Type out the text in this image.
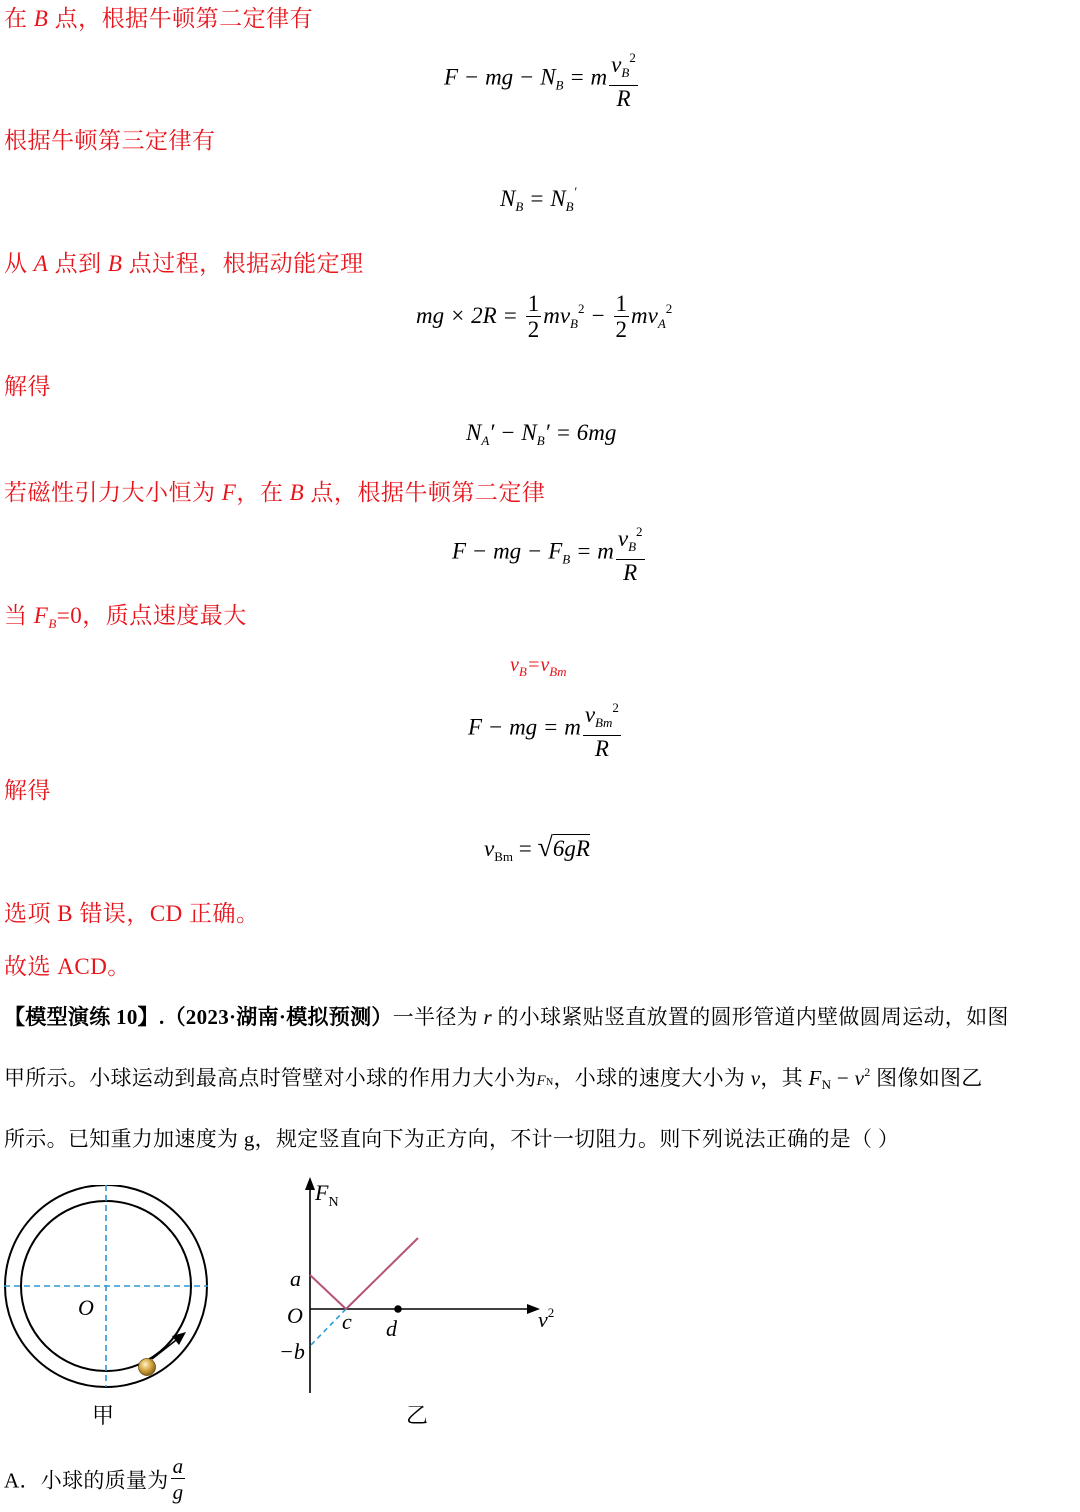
在 B 点，根据牛顿第二定律有
F − mg − $N_B = m \frac{v_B^2}{R}$
根据牛顿第三定律有
$N_B = N_B'$
从 A 点到 B 点过程，根据动能定理
mg × $2R = \frac{1}{2} mv_B^2 - \frac{1}{2} mv_A^2$
解得
$N_A' - N_B' = 6mg$
若磁性引力大小恒为 F，在 B 点，根据牛顿第二定律
F − mg − $F_B = m \frac{v_B^2}{R}$
当 $F_B=0$，质点速度最大
$v_B=v_{Bm}$
F − mg = m $\frac{v_{Bm}^2}{R}$
解得
$v_{Bm} = √6gR$
选项 B 错误，CD 正确。
故选 ACD。
【模型演练 10】.（2023·湖南·模拟预测）一半径为 r 的小球紧贴竖直放置的圆形管道内壁做圆周运动，如图
甲所示。小球运动到最高点时管壁对小球的作用力大小为FN，小球的速度大小为 v，其 FN − $v^2$ 图像如图乙
所示。已知重力加速度为 g，规定竖直向下为正方向，不计一切阻力。则下列说法正确的是（ ）
O
甲
$F_N$
$v^2$
a
O
−b
c d
乙
A．小球的质量为 $\frac{a}{g}$
